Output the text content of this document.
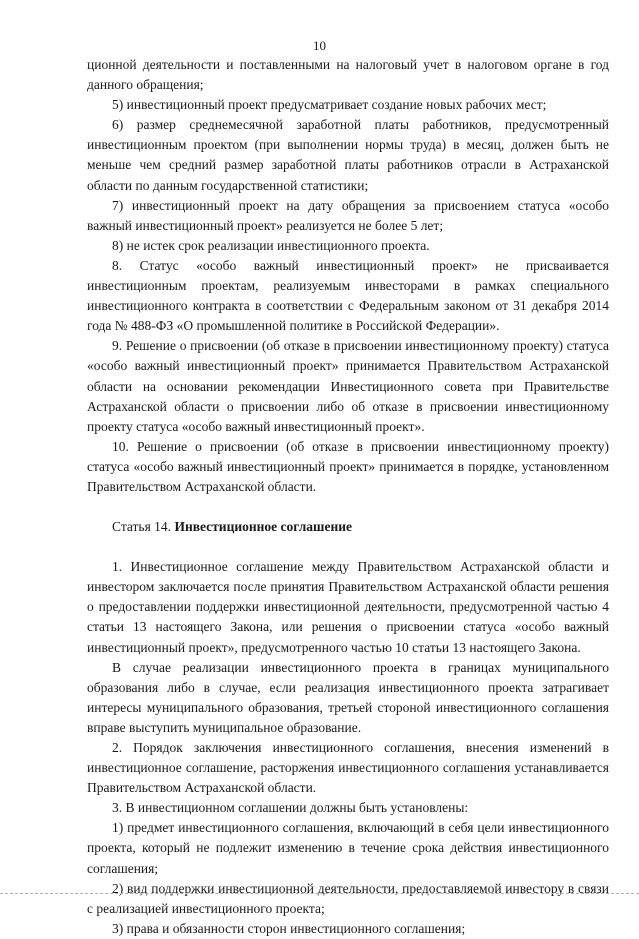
10

ционной деятельности и поставленными на налоговый учет в налоговом органе в год данного обращения;

5) инвестиционный проект предусматривает создание новых рабочих мест;

6) размер среднемесячной заработной платы работников, предусмотренный инвестиционным проектом (при выполнении нормы труда) в месяц, должен быть не меньше чем средний размер заработной платы работников отрасли в Астраханской области по данным государственной статистики;

7) инвестиционный проект на дату обращения за присвоением статуса «особо важный инвестиционный проект» реализуется не более 5 лет;

8) не истек срок реализации инвестиционного проекта.

8. Статус «особо важный инвестиционный проект» не присваивается инвестиционным проектам, реализуемым инвесторами в рамках специального инвестиционного контракта в соответствии с Федеральным законом от 31 декабря 2014 года № 488-ФЗ «О промышленной политике в Российской Федерации».

9. Решение о присвоении (об отказе в присвоении инвестиционному проекту) статуса «особо важный инвестиционный проект» принимается Правительством Астраханской области на основании рекомендации Инвестиционного совета при Правительстве Астраханской области о присвоении либо об отказе в присвоении инвестиционному проекту статуса «особо важный инвестиционный проект».

10. Решение о присвоении (об отказе в присвоении инвестиционному проекту) статуса «особо важный инвестиционный проект» принимается в порядке, установленном Правительством Астраханской области.

Статья 14. Инвестиционное соглашение

1. Инвестиционное соглашение между Правительством Астраханской области и инвестором заключается после принятия Правительством Астраханской области решения о предоставлении поддержки инвестиционной деятельности, предусмотренной частью 4 статьи 13 настоящего Закона, или решения о присвоении статуса «особо важный инвестиционный проект», предусмотренного частью 10 статьи 13 настоящего Закона.

В случае реализации инвестиционного проекта в границах муниципального образования либо в случае, если реализация инвестиционного проекта затрагивает интересы муниципального образования, третьей стороной инвестиционного соглашения вправе выступить муниципальное образование.

2. Порядок заключения инвестиционного соглашения, внесения изменений в инвестиционное соглашение, расторжения инвестиционного соглашения устанавливается Правительством Астраханской области.

3. В инвестиционном соглашении должны быть установлены:

1) предмет инвестиционного соглашения, включающий в себя цели инвестиционного проекта, который не подлежит изменению в течение срока действия инвестиционного соглашения;

2) вид поддержки инвестиционной деятельности, предоставляемой инвестору в связи с реализацией инвестиционного проекта;

3) права и обязанности сторон инвестиционного соглашения;
